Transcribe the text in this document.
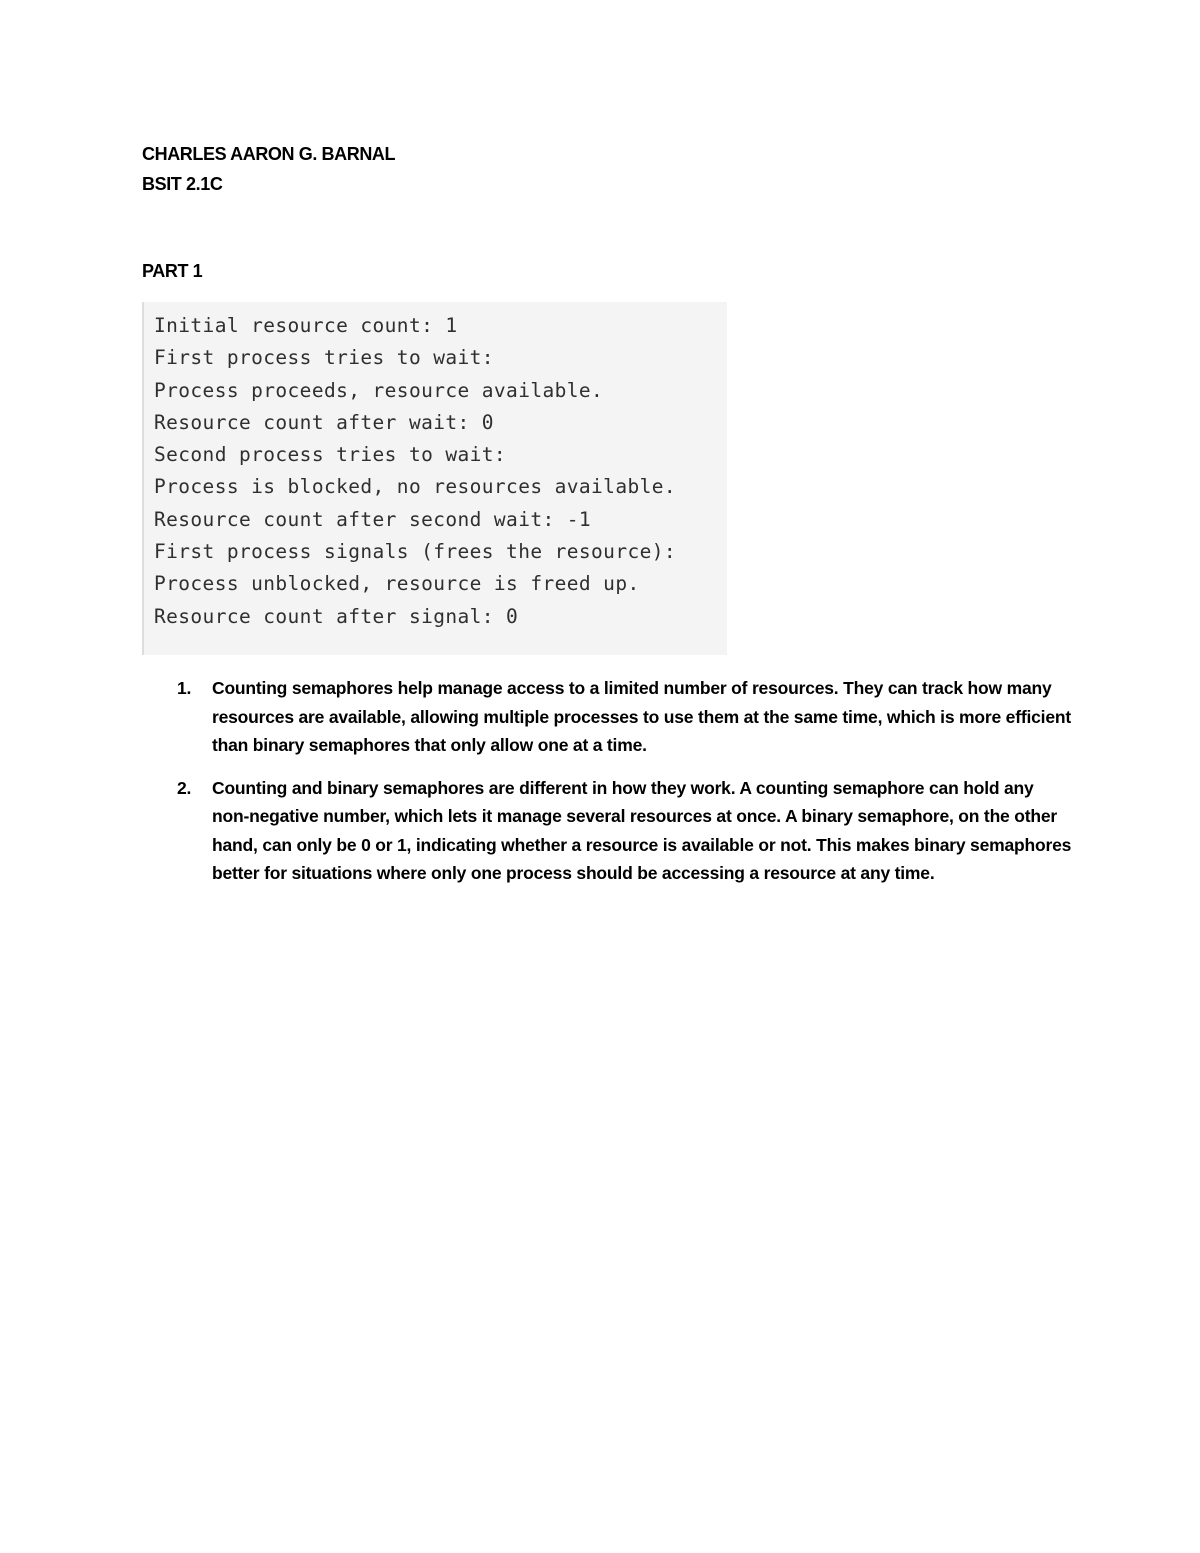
CHARLES AARON G. BARNAL
BSIT 2.1C
PART 1
Initial resource count: 1
First process tries to wait:
Process proceeds, resource available.
Resource count after wait: 0
Second process tries to wait:
Process is blocked, no resources available.
Resource count after second wait: -1
First process signals (frees the resource):
Process unblocked, resource is freed up.
Resource count after signal: 0
1. Counting semaphores help manage access to a limited number of resources. They can track how many resources are available, allowing multiple processes to use them at the same time, which is more efficient than binary semaphores that only allow one at a time.
2. Counting and binary semaphores are different in how they work. A counting semaphore can hold any non-negative number, which lets it manage several resources at once. A binary semaphore, on the other hand, can only be 0 or 1, indicating whether a resource is available or not. This makes binary semaphores better for situations where only one process should be accessing a resource at any time.
